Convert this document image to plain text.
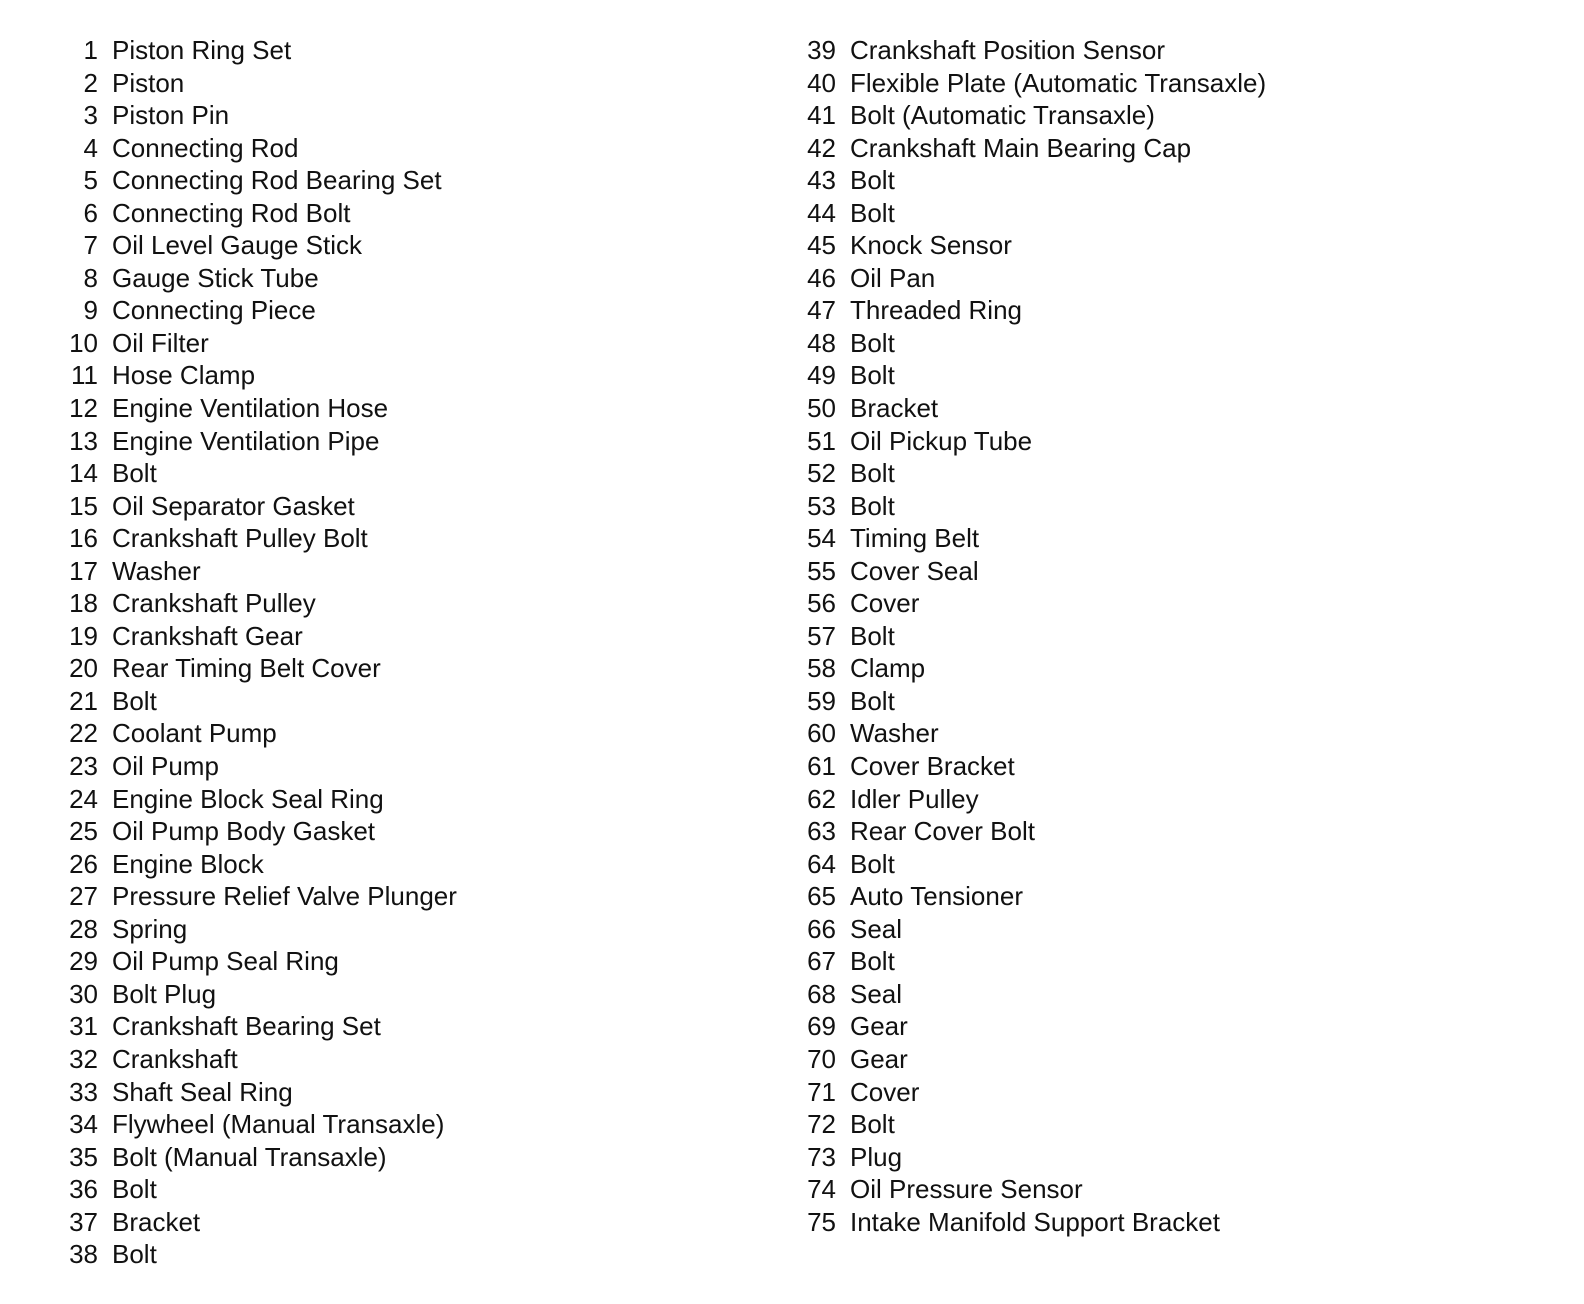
1 Piston Ring Set
2 Piston
3 Piston Pin
4 Connecting Rod
5 Connecting Rod Bearing Set
6 Connecting Rod Bolt
7 Oil Level Gauge Stick
8 Gauge Stick Tube
9 Connecting Piece
10 Oil Filter
11 Hose Clamp
12 Engine Ventilation Hose
13 Engine Ventilation Pipe
14 Bolt
15 Oil Separator Gasket
16 Crankshaft Pulley Bolt
17 Washer
18 Crankshaft Pulley
19 Crankshaft Gear
20 Rear Timing Belt Cover
21 Bolt
22 Coolant Pump
23 Oil Pump
24 Engine Block Seal Ring
25 Oil Pump Body Gasket
26 Engine Block
27 Pressure Relief Valve Plunger
28 Spring
29 Oil Pump Seal Ring
30 Bolt Plug
31 Crankshaft Bearing Set
32 Crankshaft
33 Shaft Seal Ring
34 Flywheel (Manual Transaxle)
35 Bolt (Manual Transaxle)
36 Bolt
37 Bracket
38 Bolt
39 Crankshaft Position Sensor
40 Flexible Plate (Automatic Transaxle)
41 Bolt (Automatic Transaxle)
42 Crankshaft Main Bearing Cap
43 Bolt
44 Bolt
45 Knock Sensor
46 Oil Pan
47 Threaded Ring
48 Bolt
49 Bolt
50 Bracket
51 Oil Pickup Tube
52 Bolt
53 Bolt
54 Timing Belt
55 Cover Seal
56 Cover
57 Bolt
58 Clamp
59 Bolt
60 Washer
61 Cover Bracket
62 Idler Pulley
63 Rear Cover Bolt
64 Bolt
65 Auto Tensioner
66 Seal
67 Bolt
68 Seal
69 Gear
70 Gear
71 Cover
72 Bolt
73 Plug
74 Oil Pressure Sensor
75 Intake Manifold Support Bracket
